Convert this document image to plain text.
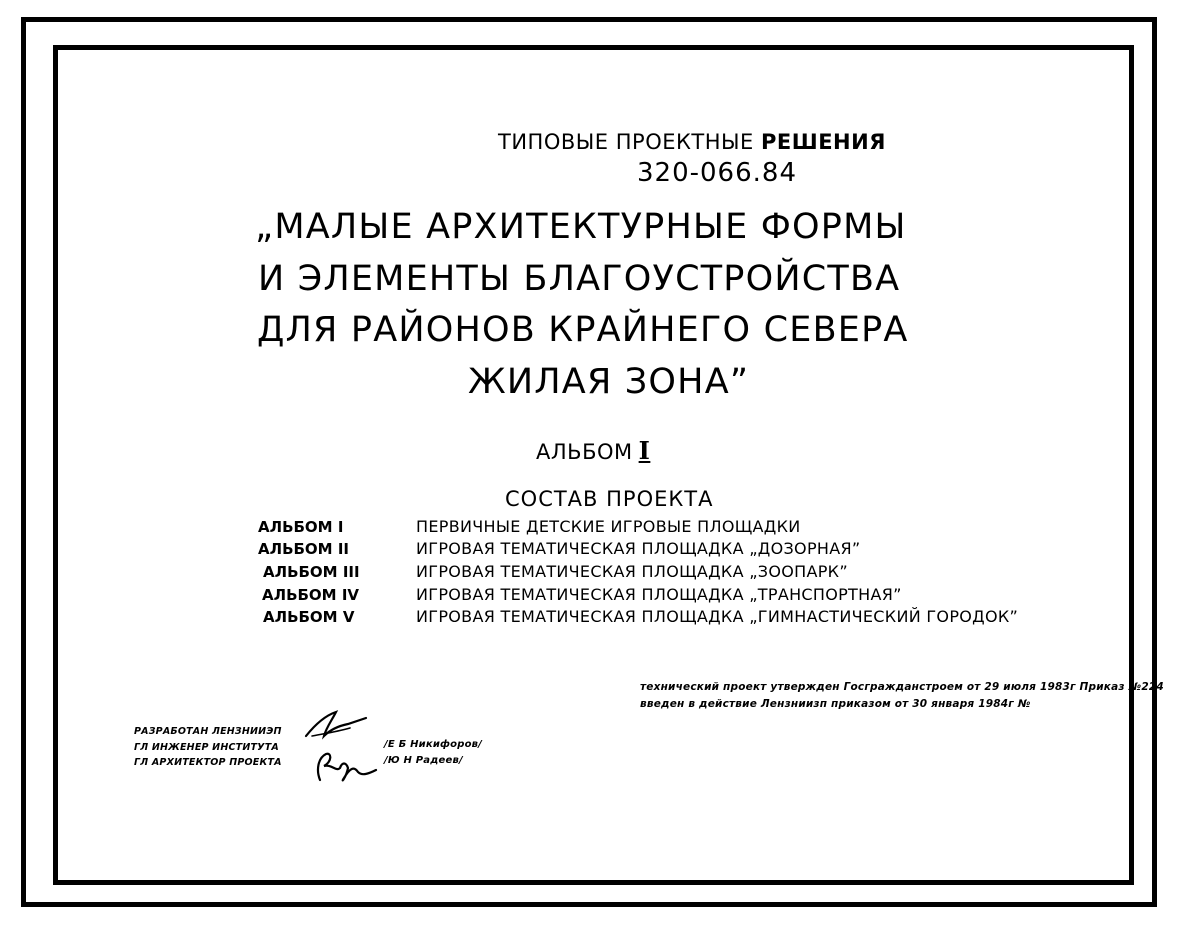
ТИПОВЫЕ ПРОЕКТНЫЕ РЕШЕНИЯ
320-066.84
„МАЛЫЕ АРХИТЕКТУРНЫЕ ФОРМЫ
И ЭЛЕМЕНТЫ БЛАГОУСТРОЙСТВА
ДЛЯ РАЙОНОВ КРАЙНЕГО СЕВЕРА
ЖИЛАЯ ЗОНА”
АЛЬБОМ I
СОСТАВ ПРОЕКТА
АЛЬБОМ I	ПЕРВИЧНЫЕ ДЕТСКИЕ ИГРОВЫЕ ПЛОЩАДКИ
АЛЬБОМ II	ИГРОВАЯ ТЕМАТИЧЕСКАЯ ПЛОЩАДКА „ДОЗОРНАЯ”
АЛЬБОМ III	ИГРОВАЯ ТЕМАТИЧЕСКАЯ ПЛОЩАДКА „ЗООПАРК”
АЛЬБОМ IV	ИГРОВАЯ ТЕМАТИЧЕСКАЯ ПЛОЩАДКА „ТРАНСПОРТНАЯ”
АЛЬБОМ V	ИГРОВАЯ ТЕМАТИЧЕСКАЯ ПЛОЩАДКА „ГИМНАСТИЧЕСКИЙ ГОРОДОК”
технический проект утвержден Госгражданстроем от 29 июля 1983г Приказ №224
введен в действие Лензниизп приказом от 30 января 1984г №
РАЗРАБОТАН ЛЕНЗНИИЭП
ГЛ ИНЖЕНЕР ИНСТИТУТА
ГЛ АРХИТЕКТОР ПРОЕКТА
/Е Б Никифоров/
/Ю Н Радеев/
